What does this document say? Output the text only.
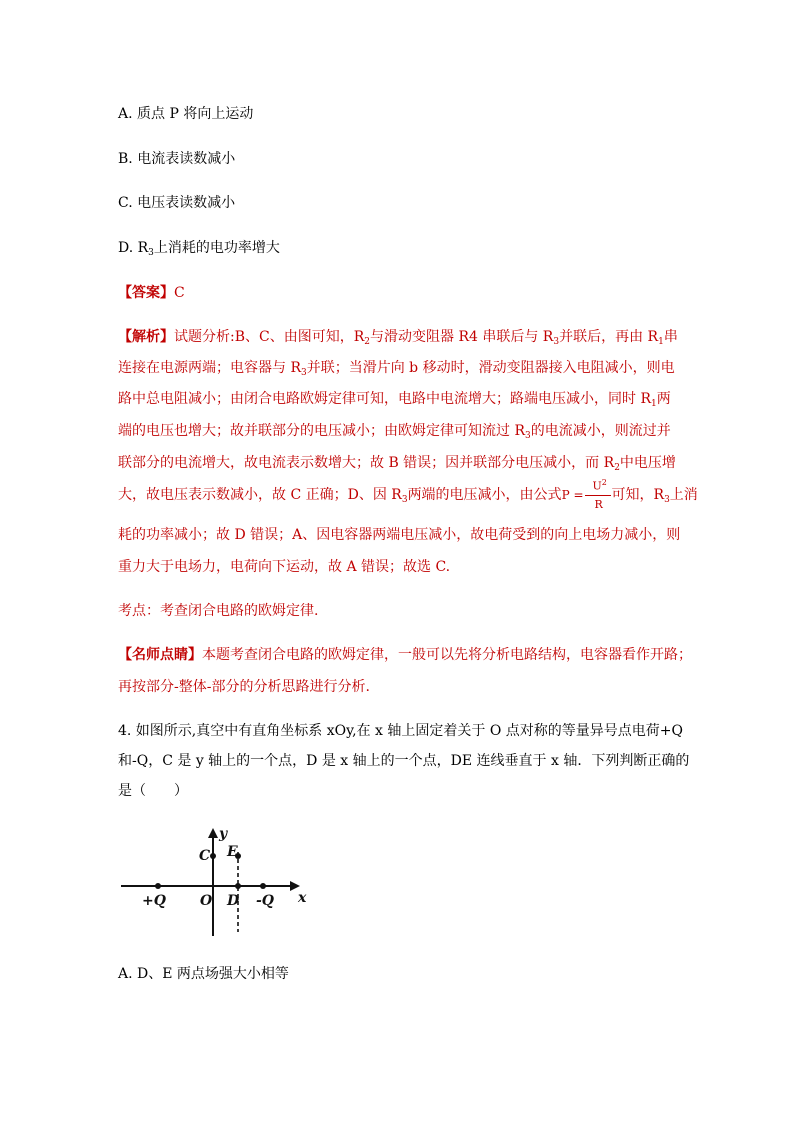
A. 质点 P 将向上运动
B. 电流表读数减小
C. 电压表读数减小
D. $R_3$上消耗的电功率增大
【答案】C
【解析】试题分析:B、C、由图可知，$R_2$与滑动变阻器 R4 串联后与 $R_3$并联后，再由 $R_1$串
连接在电源两端；电容器与 $R_3$并联；当滑片向 b 移动时，滑动变阻器接入电阻减小，则电
路中总电阻减小；由闭合电路欧姆定律可知，电路中电流增大；路端电压减小，同时 $R_1$两
端的电压也增大；故并联部分的电压减小；由欧姆定律可知流过 $R_3$的电流减小，则流过并
联部分的电流增大，故电流表示数增大；故 B 错误；因并联部分电压减小，而 $R_2$中电压增
大，故电压表示数减小，故 C 正确；D、因 $R_3$两端的电压减小，由公式$P = \frac{U^2}{R}$ 可知，$R_3$上消
耗的功率减小；故 D 错误；A、因电容器两端电压减小，故电荷受到的向上电场力减小，则
重力大于电场力，电荷向下运动，故 A 错误；故选 C.
考点：考查闭合电路的欧姆定律.
【名师点睛】本题考查闭合电路的欧姆定律，一般可以先将分析电路结构，电容器看作开路；
再按部分-整体-部分的分析思路进行分析.
4. 如图所示,真空中有直角坐标系 xOy,在 x 轴上固定着关于 O 点对称的等量异号点电荷+Q
和-Q，C 是 y 轴上的一个点，D 是 x 轴上的一个点，DE 连线垂直于 x 轴．下列判断正确的
是（　　）
y
x
C E
+Q O D -Q
A. D、E 两点场强大小相等
